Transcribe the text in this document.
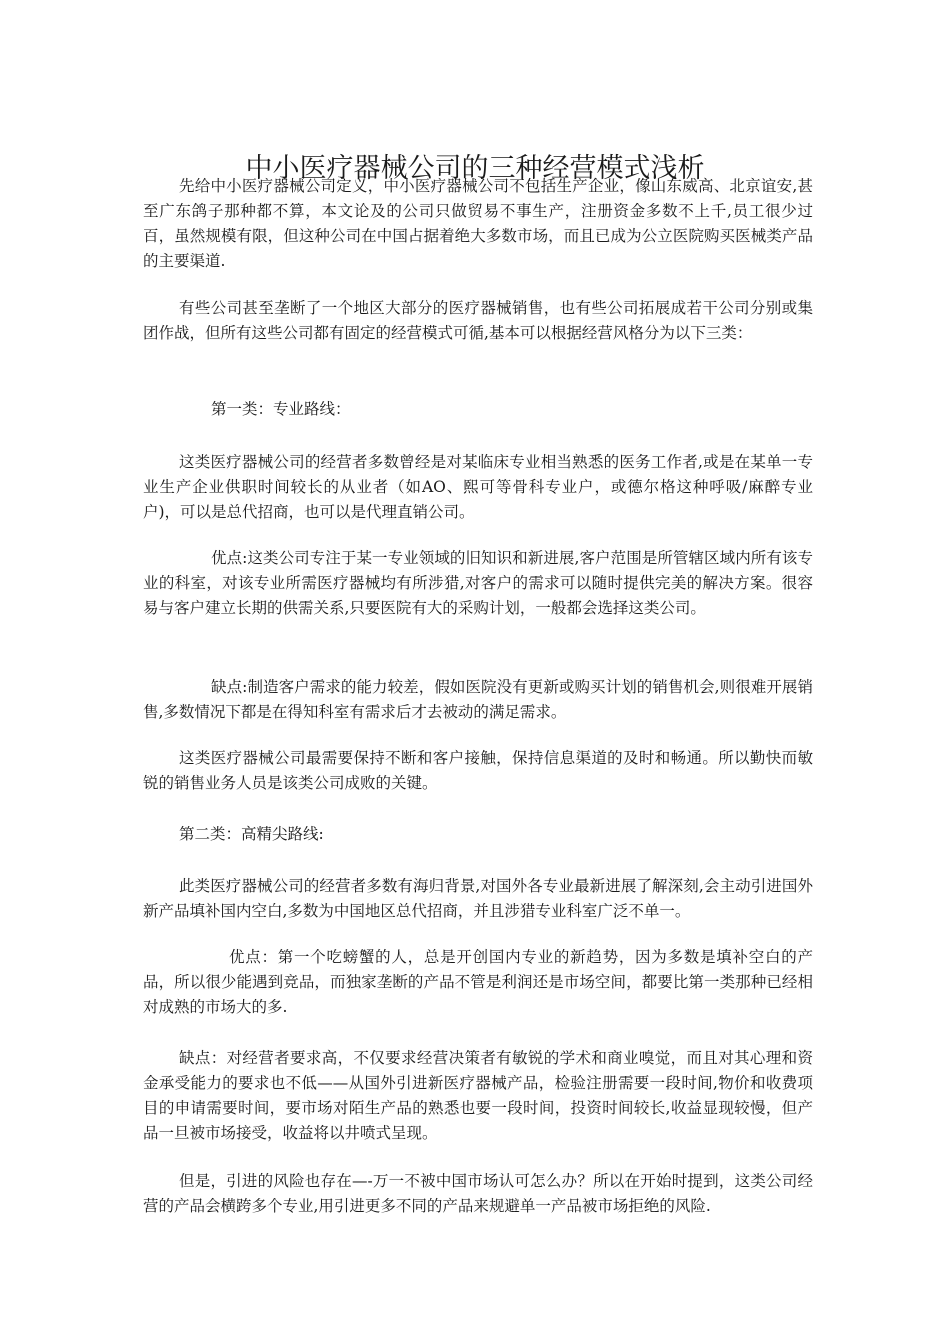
中小医疗器械公司的三种经营模式浅析

先给中小医疗器械公司定义，中小医疗器械公司不包括生产企业，像山东威高、北京谊安,甚至广东鸽子那种都不算，本文论及的公司只做贸易不事生产，注册资金多数不上千,员工很少过百，虽然规模有限，但这种公司在中国占据着绝大多数市场，而且已成为公立医院购买医械类产品的主要渠道.

有些公司甚至垄断了一个地区大部分的医疗器械销售，也有些公司拓展成若干公司分别或集团作战，但所有这些公司都有固定的经营模式可循,基本可以根据经营风格分为以下三类：

第一类：专业路线：

这类医疗器械公司的经营者多数曾经是对某临床专业相当熟悉的医务工作者,或是在某单一专业生产企业供职时间较长的从业者（如AO、熙可等骨科专业户，或德尔格这种呼吸/麻醉专业户)，可以是总代招商，也可以是代理直销公司。

优点:这类公司专注于某一专业领域的旧知识和新进展,客户范围是所管辖区域内所有该专业的科室，对该专业所需医疗器械均有所涉猎,对客户的需求可以随时提供完美的解决方案。很容易与客户建立长期的供需关系,只要医院有大的采购计划，一般都会选择这类公司。

缺点:制造客户需求的能力较差，假如医院没有更新或购买计划的销售机会,则很难开展销售,多数情况下都是在得知科室有需求后才去被动的满足需求。

这类医疗器械公司最需要保持不断和客户接触，保持信息渠道的及时和畅通。所以勤快而敏锐的销售业务人员是该类公司成败的关键。

第二类：高精尖路线:

此类医疗器械公司的经营者多数有海归背景,对国外各专业最新进展了解深刻,会主动引进国外新产品填补国内空白,多数为中国地区总代招商，并且涉猎专业科室广泛不单一。

优点：第一个吃螃蟹的人，总是开创国内专业的新趋势，因为多数是填补空白的产品，所以很少能遇到竞品，而独家垄断的产品不管是利润还是市场空间，都要比第一类那种已经相对成熟的市场大的多.

缺点：对经营者要求高，不仅要求经营决策者有敏锐的学术和商业嗅觉，而且对其心理和资金承受能力的要求也不低——从国外引进新医疗器械产品，检验注册需要一段时间,物价和收费项目的申请需要时间，要市场对陌生产品的熟悉也要一段时间，投资时间较长,收益显现较慢，但产品一旦被市场接受，收益将以井喷式呈现。

但是，引进的风险也存在—-万一不被中国市场认可怎么办？所以在开始时提到，这类公司经营的产品会横跨多个专业,用引进更多不同的产品来规避单一产品被市场拒绝的风险.
